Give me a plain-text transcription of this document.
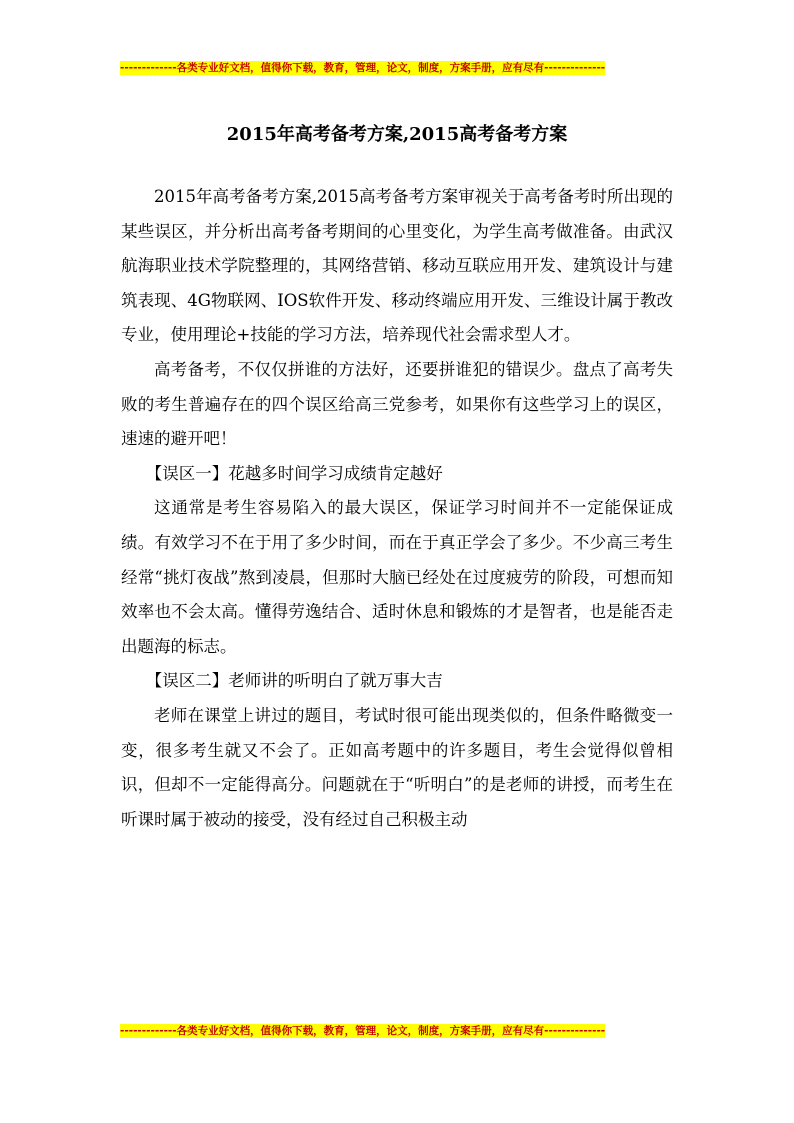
-------------各类专业好文档，值得你下载，教育，管理，论文，制度，方案手册，应有尽有--------------
2015年高考备考方案,2015高考备考方案

2015年高考备考方案,2015高考备考方案审视关于高考备考时所出现的某些误区，并分析出高考备考期间的心里变化，为学生高考做准备。由武汉航海职业技术学院整理的，其网络营销、移动互联应用开发、建筑设计与建筑表现、4G物联网、IOS软件开发、移动终端应用开发、三维设计属于教改专业，使用理论+技能的学习方法，培养现代社会需求型人才。

高考备考，不仅仅拼谁的方法好，还要拼谁犯的错误少。盘点了高考失败的考生普遍存在的四个误区给高三党参考，如果你有这些学习上的误区，速速的避开吧！

【误区一】花越多时间学习成绩肯定越好

这通常是考生容易陷入的最大误区，保证学习时间并不一定能保证成绩。有效学习不在于用了多少时间，而在于真正学会了多少。不少高三考生经常“挑灯夜战”熬到凌晨，但那时大脑已经处在过度疲劳的阶段，可想而知效率也不会太高。懂得劳逸结合、适时休息和锻炼的才是智者，也是能否走出题海的标志。

【误区二】老师讲的听明白了就万事大吉

老师在课堂上讲过的题目，考试时很可能出现类似的，但条件略微变一变，很多考生就又不会了。正如高考题中的许多题目，考生会觉得似曾相识，但却不一定能得高分。问题就在于“听明白”的是老师的讲授，而考生在听课时属于被动的接受，没有经过自己积极主动

-------------各类专业好文档，值得你下载，教育，管理，论文，制度，方案手册，应有尽有--------------
